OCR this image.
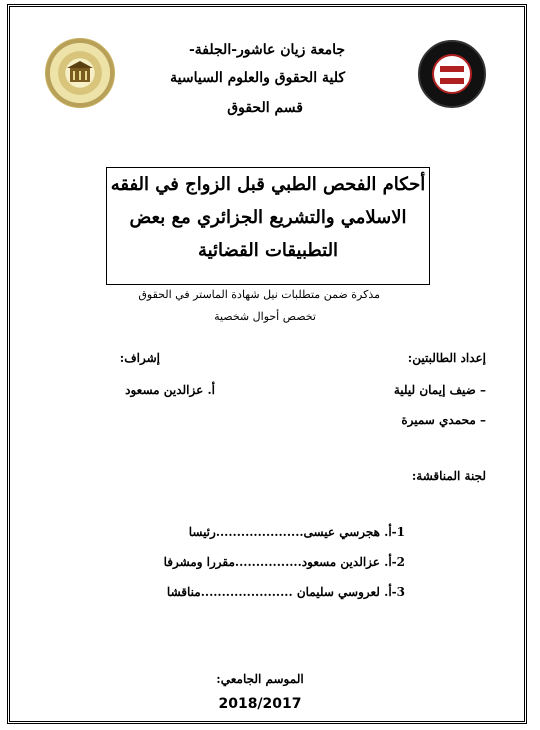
جامعة زيان عاشور-الجلفة-
كلية الحقوق والعلوم السياسية
قسم الحقوق
أحكام الفحص الطبي قبل الزواج في الفقه
الاسلامي والتشريع الجزائري مع بعض
التطبيقات القضائية
مذكرة ضمن متطلبات نيل شهادة الماستر في الحقوق
تخصص أحوال شخصية
إعداد الطالبتين:
– ضيف إيمان ليلية
– محمدي سميرة
إشراف:
أ. عزالدين مسعود
لجنة المناقشة:
1-أ. هجرسي عيسى.....................رئيسا
2-أ. عزالدين مسعود................مقررا ومشرفا
3-أ. لعروسي سليمان ......................مناقشا
الموسم الجامعي:
2018/2017
